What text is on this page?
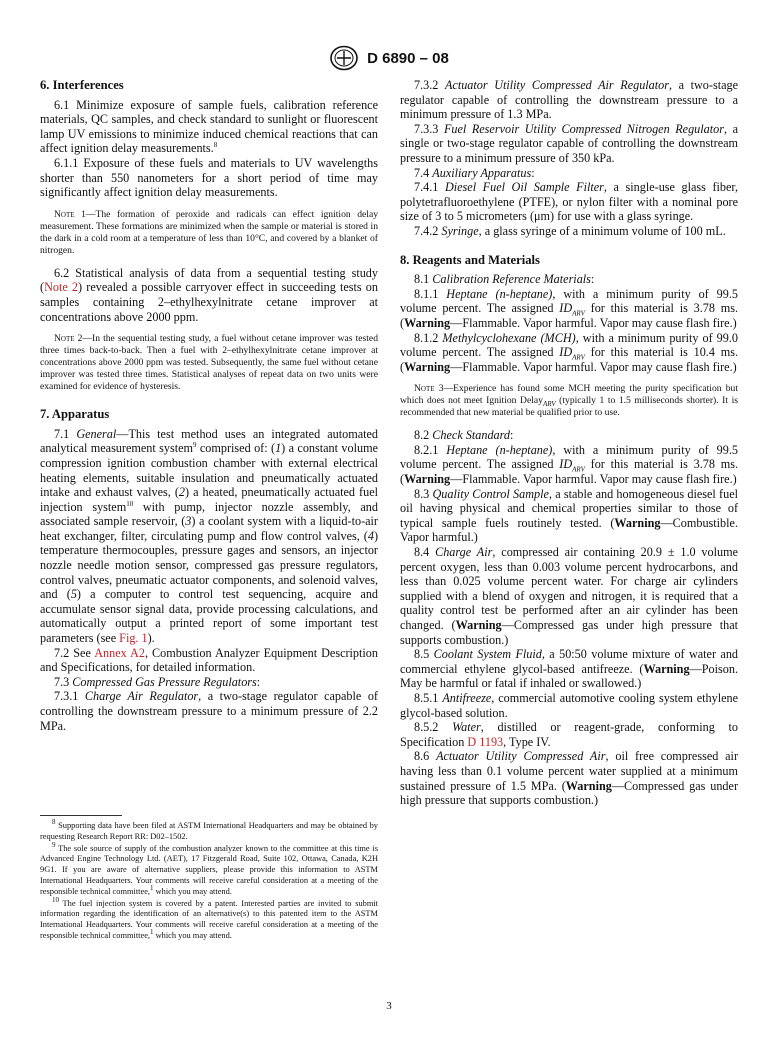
D 6890 – 08
6. Interferences

6.1 Minimize exposure of sample fuels, calibration reference materials, QC samples, and check standard to sunlight or fluorescent lamp UV emissions to minimize induced chemical reactions that can affect ignition delay measurements.$^8$

6.1.1 Exposure of these fuels and materials to UV wavelengths shorter than 550 nanometers for a short period of time may significantly affect ignition delay measurements.

Note 1—The formation of peroxide and radicals can effect ignition delay measurement. These formations are minimized when the sample or material is stored in the dark in a cold room at a temperature of less than 10°C, and covered by a blanket of nitrogen.

6.2 Statistical analysis of data from a sequential testing study (Note 2) revealed a possible carryover effect in succeeding tests on samples containing 2–ethylhexylnitrate cetane improver at concentrations above 2000 ppm.

Note 2—In the sequential testing study, a fuel without cetane improver was tested three times back-to-back. Then a fuel with 2–ethylhexylnitrate cetane improver at concentrations above 2000 ppm was tested. Subsequently, the same fuel without cetane improver was tested three times. Statistical analyses of repeat data on two units were examined for evidence of hysteresis.

7. Apparatus

7.1 General—This test method uses an integrated automated analytical measurement system$^9$ comprised of: (1) a constant volume compression ignition combustion chamber with external electrical heating elements, suitable insulation and pneumatically actuated intake and exhaust valves, (2) a heated, pneumatically actuated fuel injection system$^{10}$ with pump, injector nozzle assembly, and associated sample reservoir, (3) a coolant system with a liquid-to-air heat exchanger, filter, circulating pump and flow control valves, (4) temperature thermocouples, pressure gages and sensors, an injector nozzle needle motion sensor, compressed gas pressure regulators, control valves, pneumatic actuator components, and solenoid valves, and (5) a computer to control test sequencing, acquire and accumulate sensor signal data, provide processing calculations, and automatically output a printed report of some important test parameters (see Fig. 1).

7.2 See Annex A2, Combustion Analyzer Equipment Description and Specifications, for detailed information.

7.3 Compressed Gas Pressure Regulators:

7.3.1 Charge Air Regulator, a two-stage regulator capable of controlling the downstream pressure to a minimum pressure of 2.2 MPa.

$^8$ Supporting data have been filed at ASTM International Headquarters and may be obtained by requesting Research Report RR: D02–1502.

$^9$ The sole source of supply of the combustion analyzer known to the committee at this time is Advanced Engine Technology Ltd. (AET), 17 Fitzgerald Road, Suite 102, Ottawa, Canada, K2H 9G1. If you are aware of alternative suppliers, please provide this information to ASTM International Headquarters. Your comments will receive careful consideration at a meeting of the responsible technical committee,$^1$ which you may attend.

$^{10}$ The fuel injection system is covered by a patent. Interested parties are invited to submit information regarding the identification of an alternative(s) to this patented item to the ASTM International Headquarters. Your comments will receive careful consideration at a meeting of the responsible technical committee,$^1$ which you may attend.

7.3.2 Actuator Utility Compressed Air Regulator, a two-stage regulator capable of controlling the downstream pressure to a minimum pressure of 1.3 MPa.

7.3.3 Fuel Reservoir Utility Compressed Nitrogen Regulator, a single or two-stage regulator capable of controlling the downstream pressure to a minimum pressure of 350 kPa.

7.4 Auxiliary Apparatus:

7.4.1 Diesel Fuel Oil Sample Filter, a single-use glass fiber, polytetrafluoroethylene (PTFE), or nylon filter with a nominal pore size of 3 to 5 micrometers (μm) for use with a glass syringe.

7.4.2 Syringe, a glass syringe of a minimum volume of 100 mL.

8. Reagents and Materials

8.1 Calibration Reference Materials:

8.1.1 Heptane (n-heptane), with a minimum purity of 99.5 volume percent. The assigned $ID_{ARV}$ for this material is 3.78 ms. (Warning—Flammable. Vapor harmful. Vapor may cause flash fire.)

8.1.2 Methylcyclohexane (MCH), with a minimum purity of 99.0 volume percent. The assigned $ID_{ARV}$ for this material is 10.4 ms. (Warning—Flammable. Vapor harmful. Vapor may cause flash fire.)

Note 3—Experience has found some MCH meeting the purity specification but which does not meet Ignition Delay$_{ARV}$ (typically 1 to 1.5 milliseconds shorter). It is recommended that new material be qualified prior to use.

8.2 Check Standard:

8.2.1 Heptane (n-heptane), with a minimum purity of 99.5 volume percent. The assigned $ID_{ARV}$ for this material is 3.78 ms. (Warning—Flammable. Vapor harmful. Vapor may cause flash fire.)

8.3 Quality Control Sample, a stable and homogeneous diesel fuel oil having physical and chemical properties similar to those of typical sample fuels routinely tested. (Warning—Combustible. Vapor harmful.)

8.4 Charge Air, compressed air containing 20.9 ± 1.0 volume percent oxygen, less than 0.003 volume percent hydrocarbons, and less than 0.025 volume percent water. For charge air cylinders supplied with a blend of oxygen and nitrogen, it is required that a quality control test be performed after an air cylinder has been changed. (Warning—Compressed gas under high pressure that supports combustion.)

8.5 Coolant System Fluid, a 50:50 volume mixture of water and commercial ethylene glycol-based antifreeze. (Warning—Poison. May be harmful or fatal if inhaled or swallowed.)

8.5.1 Antifreeze, commercial automotive cooling system ethylene glycol-based solution.

8.5.2 Water, distilled or reagent-grade, conforming to Specification D 1193, Type IV.

8.6 Actuator Utility Compressed Air, oil free compressed air having less than 0.1 volume percent water supplied at a minimum sustained pressure of 1.5 MPa. (Warning—Compressed gas under high pressure that supports combustion.)

3
